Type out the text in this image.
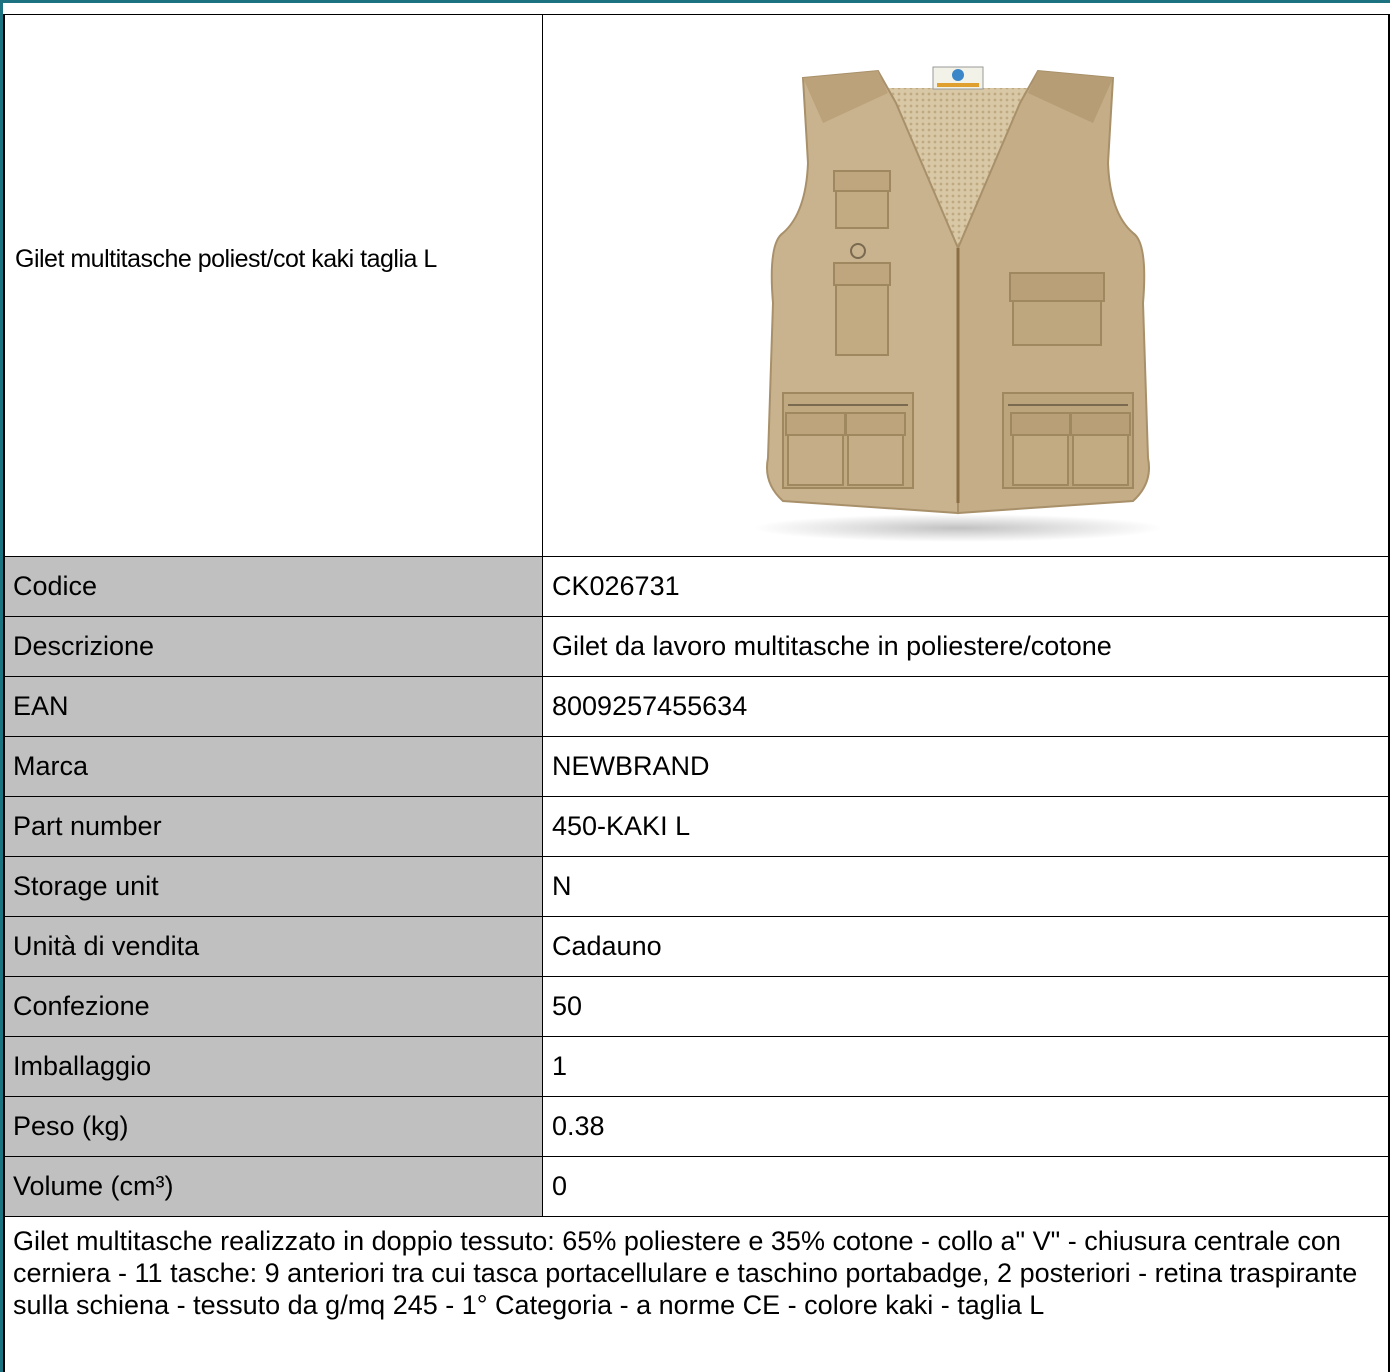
Gilet multitasche poliest/cot kaki taglia L
Codice	CK026731
Descrizione	Gilet da lavoro multitasche in poliestere/cotone
EAN	8009257455634
Marca	NEWBRAND
Part number	450-KAKI L
Storage unit	N
Unità di vendita	Cadauno
Confezione	50
Imballaggio	1
Peso (kg)	0.38
Volume (cm³)	0
Gilet multitasche realizzato in doppio tessuto: 65% poliestere e 35% cotone - collo a" V" - chiusura centrale con cerniera - 11 tasche: 9 anteriori tra cui tasca portacellulare e taschino portabadge, 2 posteriori - retina traspirante sulla schiena - tessuto da g/mq 245 - 1° Categoria - a norme CE - colore kaki - taglia L
